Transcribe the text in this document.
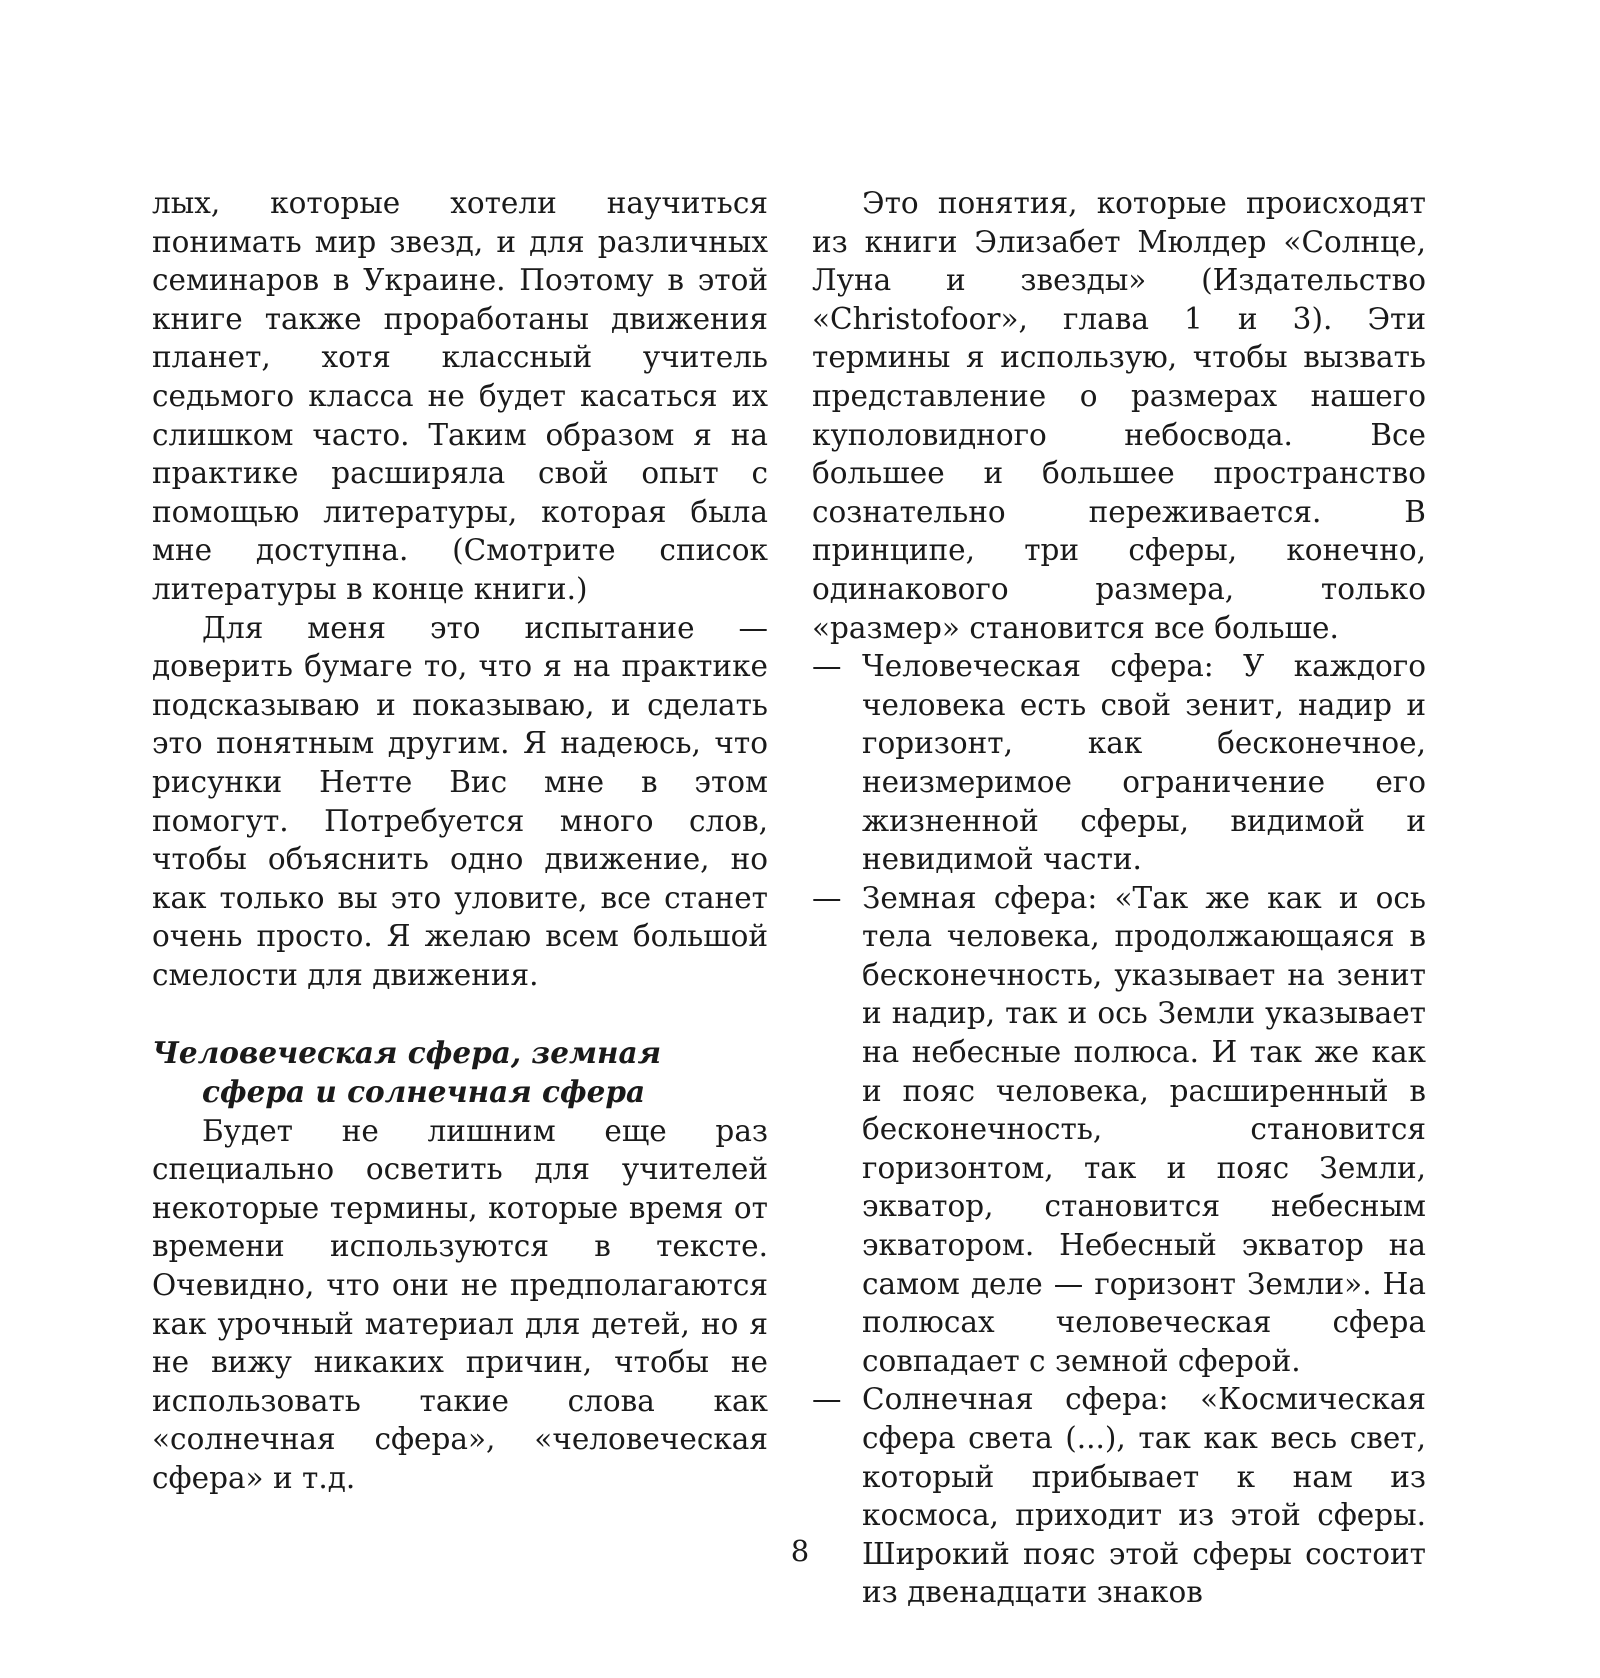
лых, которые хотели научиться понимать мир звезд, и для различных семинаров в Украине. Поэтому в этой книге также проработаны движения планет, хотя классный учитель седьмого класса не будет касаться их слишком часто. Таким образом я на практике расширяла свой опыт с помощью литературы, которая была мне доступна. (Смотрите список литературы в конце книги.)

Для меня это испытание — доверить бумаге то, что я на практике подсказываю и показываю, и сделать это понятным другим. Я надеюсь, что рисунки Нетте Вис мне в этом помогут. Потребуется много слов, чтобы объяснить одно движение, но как только вы это уловите, все станет очень просто. Я желаю всем большой смелости для движения.

Человеческая сфера, земная сфера и солнечная сфера

Будет не лишним еще раз специально осветить для учителей некоторые термины, которые время от времени используются в тексте. Очевидно, что они не предполагаются как урочный материал для детей, но я не вижу никаких причин, чтобы не использовать такие слова как «солнечная сфера», «человеческая сфера» и т.д.

Это понятия, которые происходят из книги Элизабет Мюлдер «Солнце, Луна и звезды» (Издательство «Christofoor», глава 1 и 3). Эти термины я использую, чтобы вызвать представление о размерах нашего куполовидного небосвода. Все большее и большее пространство сознательно переживается. В принципе, три сферы, конечно, одинакового размера, только «размер» становится все больше.

— Человеческая сфера: У каждого человека есть свой зенит, надир и горизонт, как бесконечное, неизмеримое ограничение его жизненной сферы, видимой и невидимой части.
— Земная сфера: «Так же как и ось тела человека, продолжающаяся в бесконечность, указывает на зенит и надир, так и ось Земли указывает на небесные полюса. И так же как и пояс человека, расширенный в бесконечность, становится горизонтом, так и пояс Земли, экватор, становится небесным экватором. Небесный экватор на самом деле — горизонт Земли». На полюсах человеческая сфера совпадает с земной сферой.
— Солнечная сфера: «Космическая сфера света (...), так как весь свет, который прибывает к нам из космоса, приходит из этой сферы. Широкий пояс этой сферы состоит из двенадцати знаков
8
